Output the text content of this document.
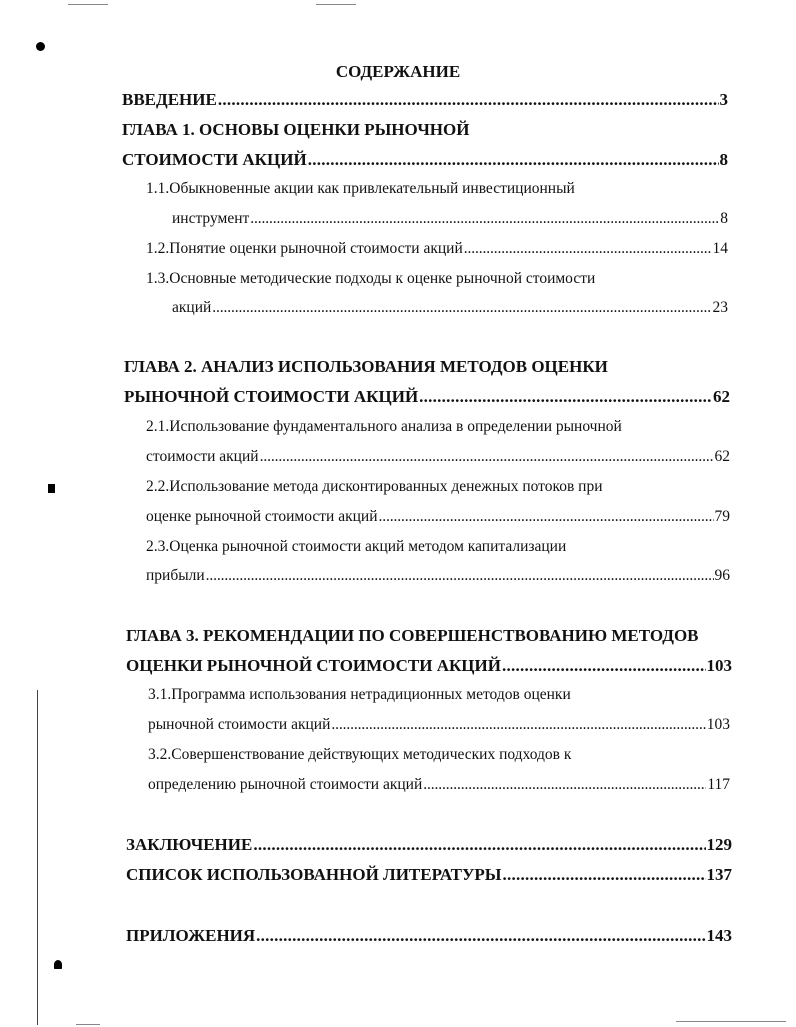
СОДЕРЖАНИЕ
ВВЕДЕНИЕ . . .	3
ГЛАВА 1. ОСНОВЫ ОЦЕНКИ РЫНОЧНОЙ
СТОИМОСТИ АКЦИЙ . . .	8
1.1.Обыкновенные акции как привлекательный инвестиционный
инструмент . . .	8
1.2.Понятие оценки рыночной стоимости акций . . .	14
1.3.Основные методические подходы к оценке рыночной стоимости
акций . . .	23
ГЛАВА 2. АНАЛИЗ ИСПОЛЬЗОВАНИЯ МЕТОДОВ ОЦЕНКИ
РЫНОЧНОЙ СТОИМОСТИ АКЦИЙ . . .	62
2.1.Использование фундаментального анализа в определении рыночной
стоимости акций . . .	62
2.2.Использование метода дисконтированных денежных потоков при
оценке рыночной стоимости акций . . .	79
2.3.Оценка рыночной стоимости акций методом капитализации
прибыли . . .	96
ГЛАВА 3. РЕКОМЕНДАЦИИ ПО СОВЕРШЕНСТВОВАНИЮ МЕТОДОВ
ОЦЕНКИ РЫНОЧНОЙ СТОИМОСТИ АКЦИЙ . . .	103
3.1.Программа использования нетрадиционных методов оценки
рыночной стоимости акций . . .	103
3.2.Совершенствование действующих методических подходов к
определению рыночной стоимости акций . . .	117
ЗАКЛЮЧЕНИЕ . . .	129
СПИСОК ИСПОЛЬЗОВАННОЙ ЛИТЕРАТУРЫ . . .	137
ПРИЛОЖЕНИЯ . . .	143
